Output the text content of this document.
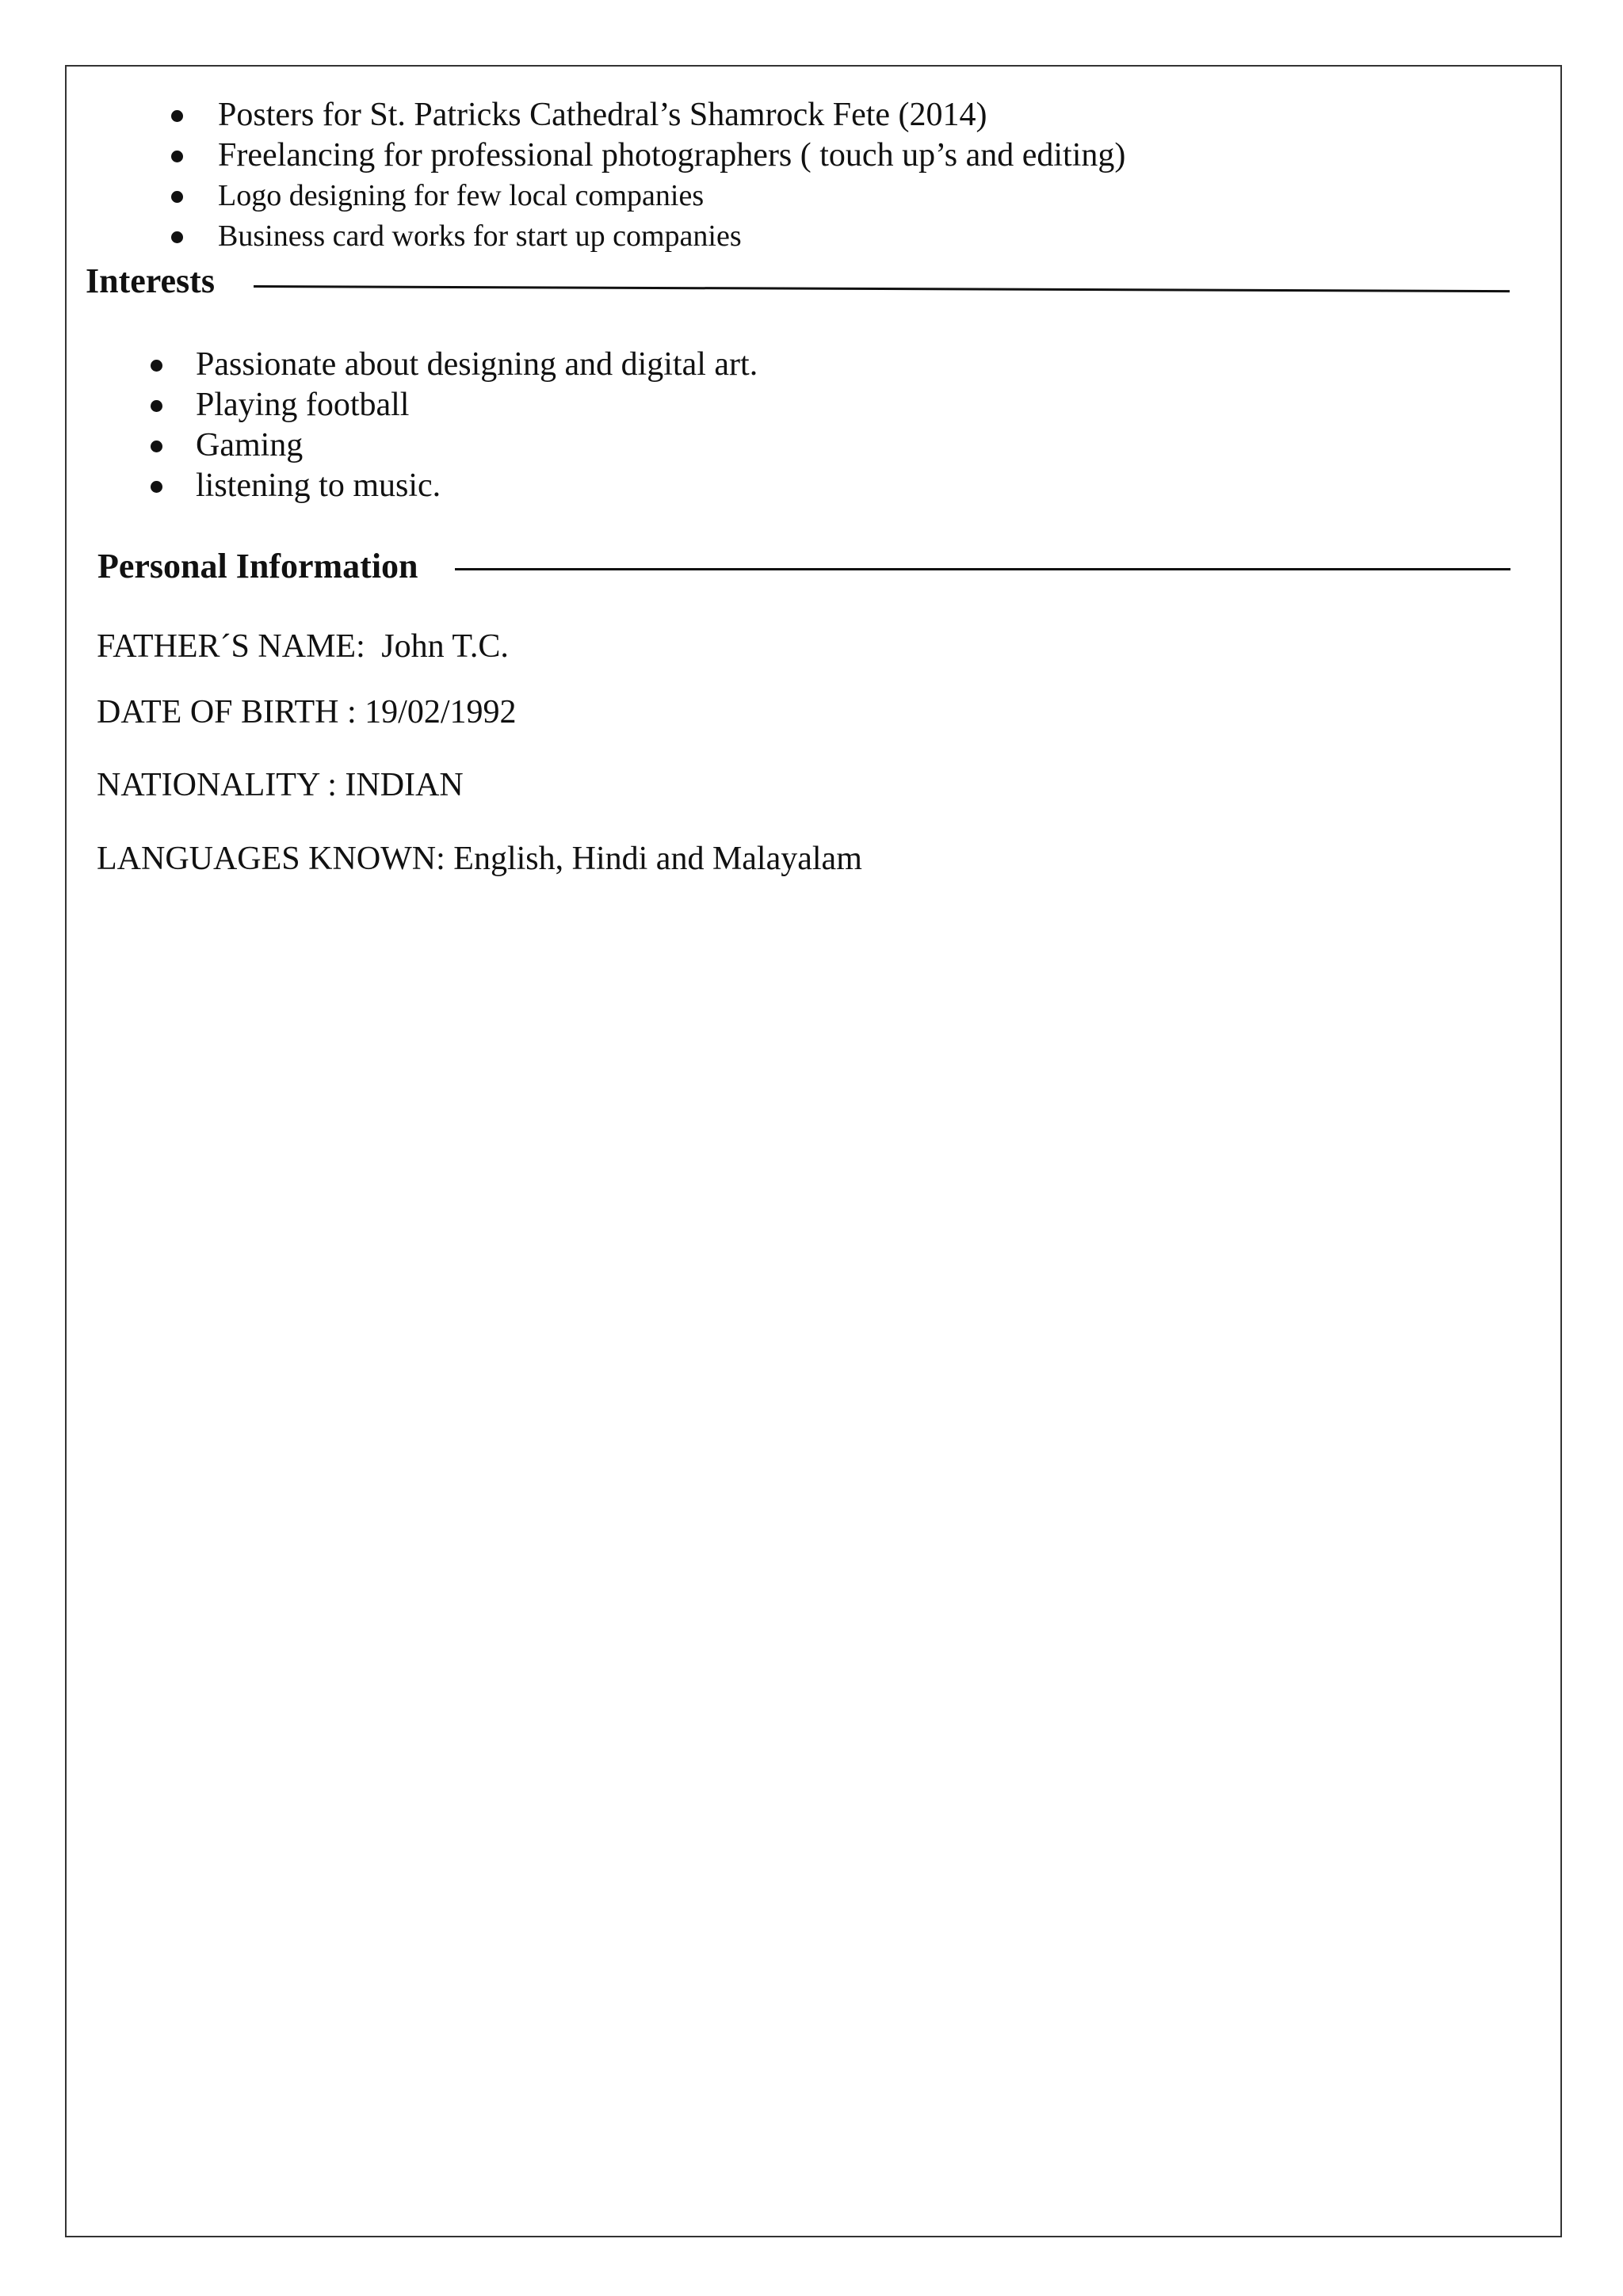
Posters for St. Patricks Cathedral’s Shamrock Fete (2014)
Freelancing for professional photographers ( touch up’s and editing)
Logo designing for few local companies
Business card works for start up companies
Interests
Passionate about designing and digital art.
Playing football
Gaming
listening to music.
Personal Information
FATHER´S NAME: John T.C.
DATE OF BIRTH : 19/02/1992
NATIONALITY : INDIAN
LANGUAGES KNOWN: English, Hindi and Malayalam
